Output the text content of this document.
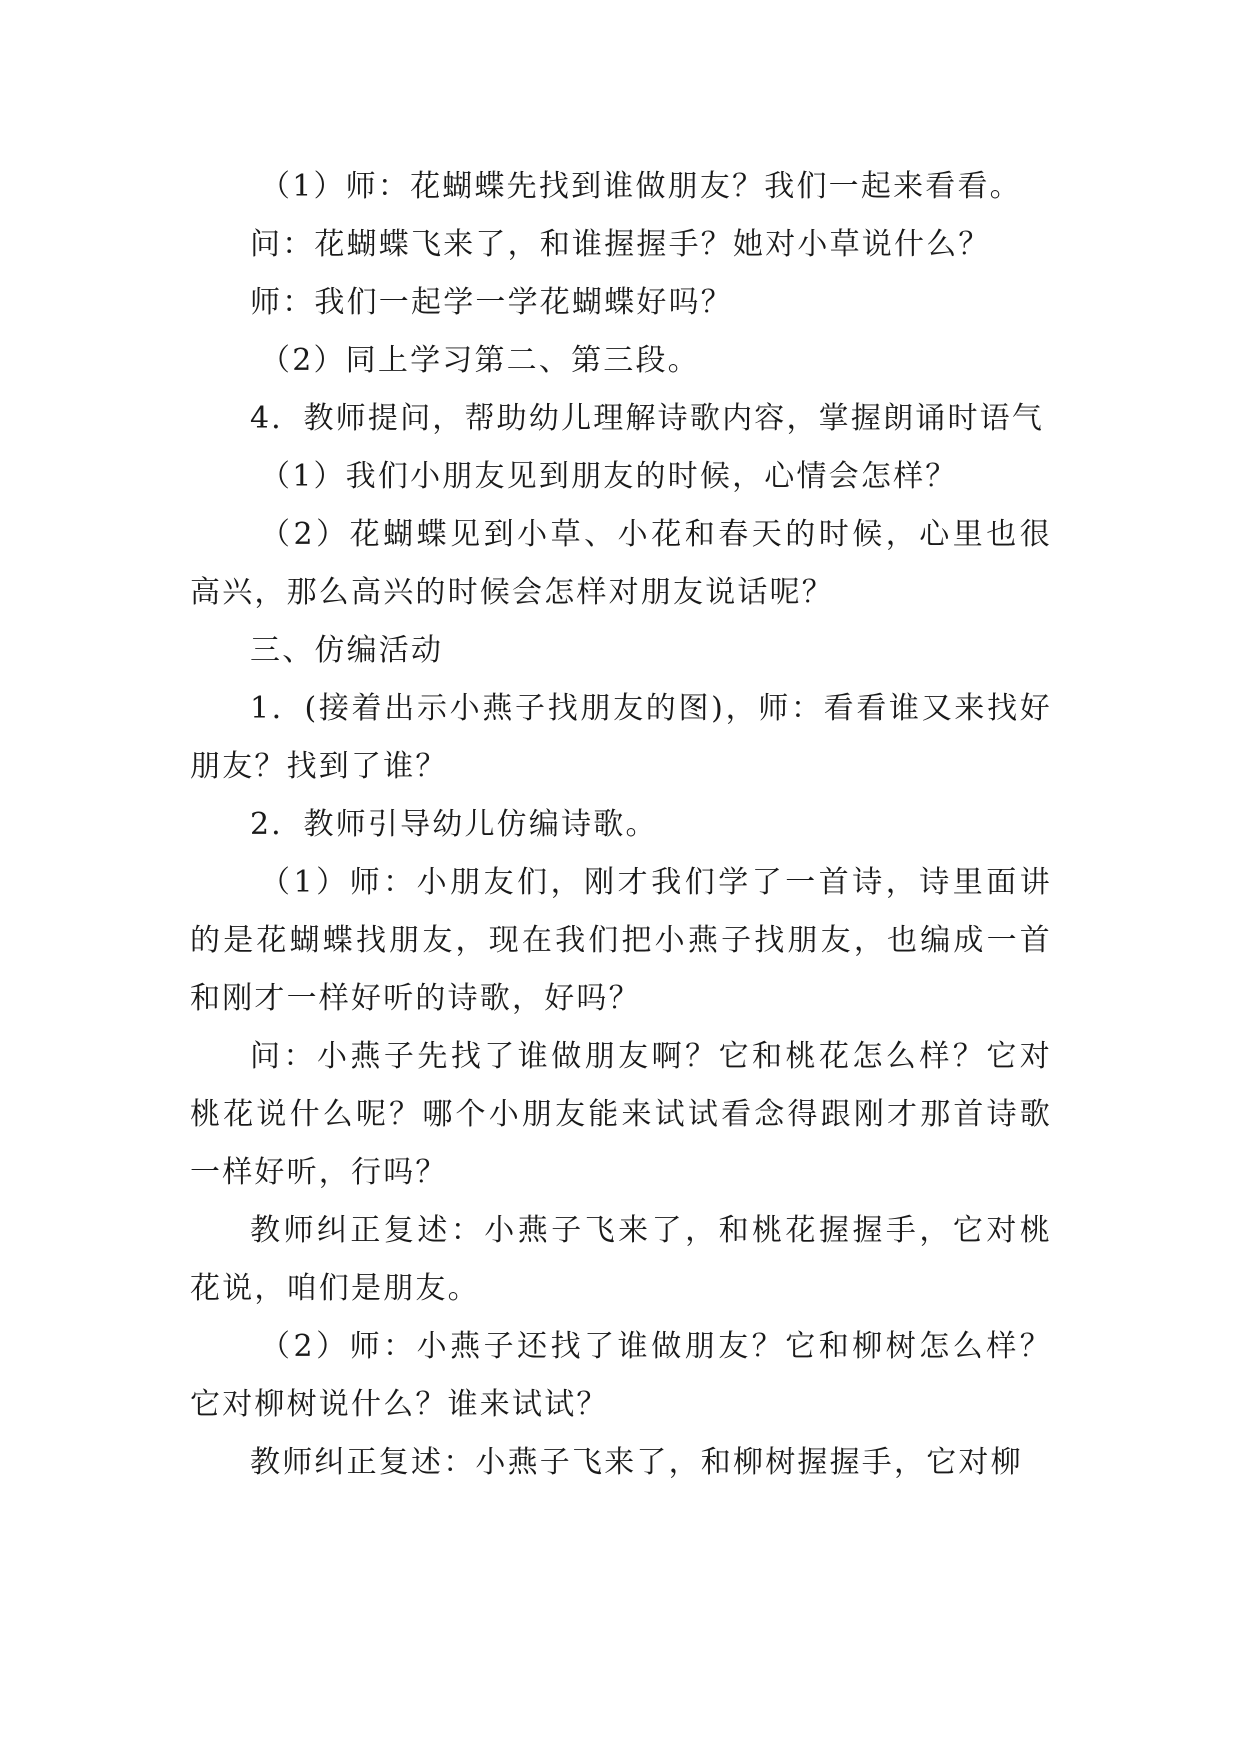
（1）师：花蝴蝶先找到谁做朋友？我们一起来看看。

问：花蝴蝶飞来了，和谁握握手？她对小草说什么？

师：我们一起学一学花蝴蝶好吗？

（2）同上学习第二、第三段。

4．教师提问，帮助幼儿理解诗歌内容，掌握朗诵时语气

（1）我们小朋友见到朋友的时候，心情会怎样？

（2）花蝴蝶见到小草、小花和春天的时候，心里也很高兴，那么高兴的时候会怎样对朋友说话呢？

三、仿编活动

1．(接着出示小燕子找朋友的图)，师：看看谁又来找好朋友？找到了谁？

2．教师引导幼儿仿编诗歌。

（1）师：小朋友们，刚才我们学了一首诗，诗里面讲的是花蝴蝶找朋友，现在我们把小燕子找朋友，也编成一首和刚才一样好听的诗歌，好吗？

问：小燕子先找了谁做朋友啊？它和桃花怎么样？它对桃花说什么呢？哪个小朋友能来试试看念得跟刚才那首诗歌一样好听，行吗？

教师纠正复述：小燕子飞来了，和桃花握握手，它对桃花说，咱们是朋友。

（2）师：小燕子还找了谁做朋友？它和柳树怎么样？它对柳树说什么？谁来试试？

教师纠正复述：小燕子飞来了，和柳树握握手，它对柳
